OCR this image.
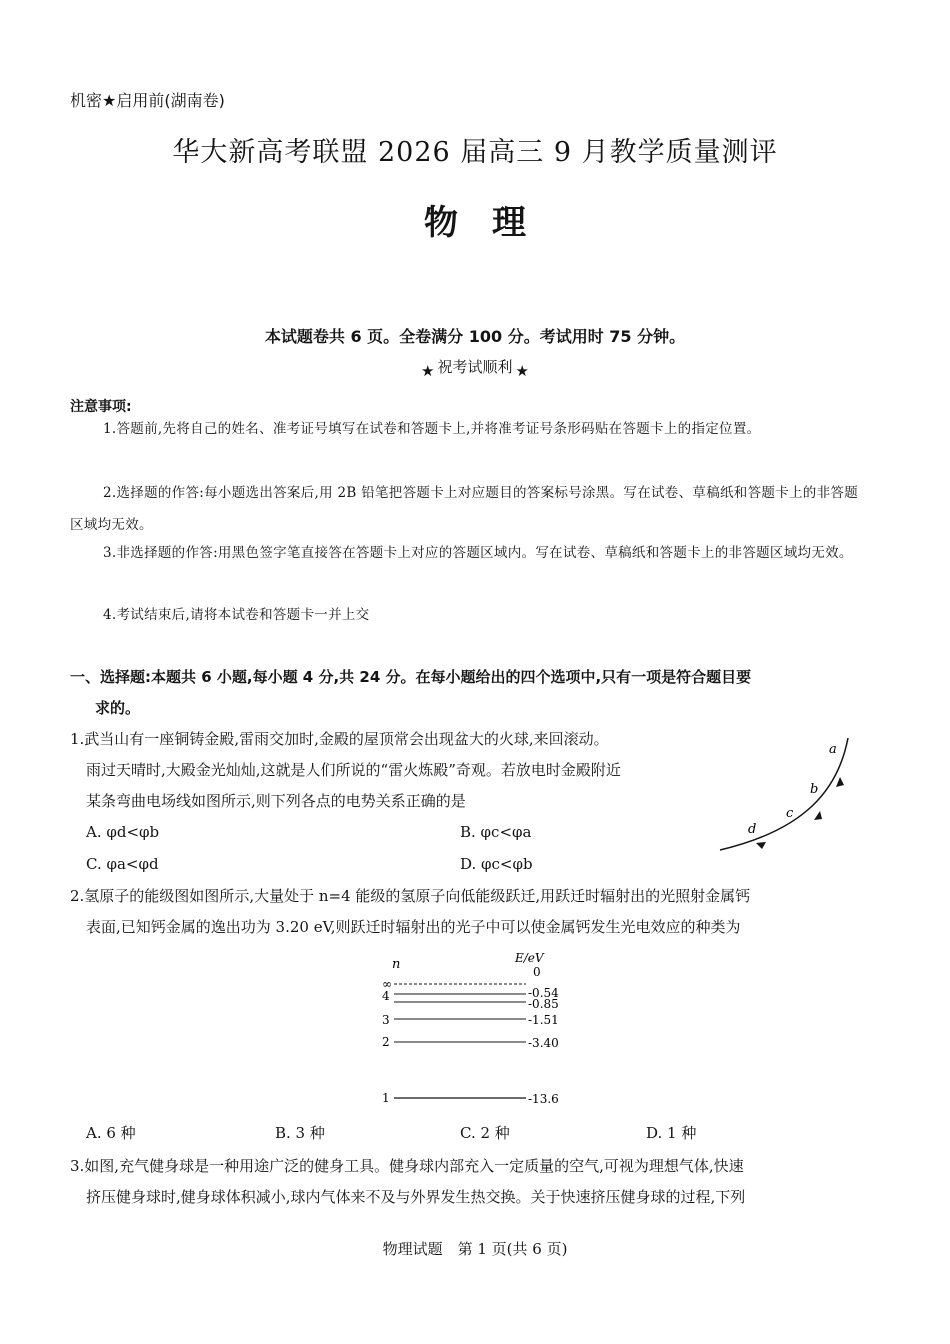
机密★启用前(湖南卷)
华大新高考联盟 2026 届高三 9 月教学质量测评
物理
本试题卷共 6 页。全卷满分 100 分。考试用时 75 分钟。
★ 祝考试顺利 ★
注意事项:
1.答题前,先将自己的姓名、准考证号填写在试卷和答题卡上,并将准考证号条形码贴在答题卡上的指定位置。
2.选择题的作答:每小题选出答案后,用 2B 铅笔把答题卡上对应题目的答案标号涂黑。写在试卷、草稿纸和答题卡上的非答题区域均无效。
3.非选择题的作答:用黑色签字笔直接答在答题卡上对应的答题区域内。写在试卷、草稿纸和答题卡上的非答题区域均无效。
4.考试结束后,请将本试卷和答题卡一并上交
一、选择题:本题共 6 小题,每小题 4 分,共 24 分。在每小题给出的四个选项中,只有一项是符合题目要
求的。
1.武当山有一座铜铸金殿,雷雨交加时,金殿的屋顶常会出现盆大的火球,来回滚动。
雨过天晴时,大殿金光灿灿,这就是人们所说的“雷火炼殿”奇观。若放电时金殿附近
某条弯曲电场线如图所示,则下列各点的电势关系正确的是
A. φd<φb	B. φc<φa
C. φa<φd	D. φc<φb
a
b
c
d
2.氢原子的能级图如图所示,大量处于 n=4 能级的氢原子向低能级跃迁,用跃迁时辐射出的光照射金属钙
表面,已知钙金属的逸出功为 3.20 eV,则跃迁时辐射出的光子中可以使金属钙发生光电效应的种类为
n	E/eV
∞
0
4	-0.54
-0.85
3	-1.51
2	-3.40
1	-13.6
A. 6 种	B. 3 种	C. 2 种	D. 1 种
3.如图,充气健身球是一种用途广泛的健身工具。健身球内部充入一定质量的空气,可视为理想气体,快速
挤压健身球时,健身球体积减小,球内气体来不及与外界发生热交换。关于快速挤压健身球的过程,下列
物理试题　第 1 页(共 6 页)
